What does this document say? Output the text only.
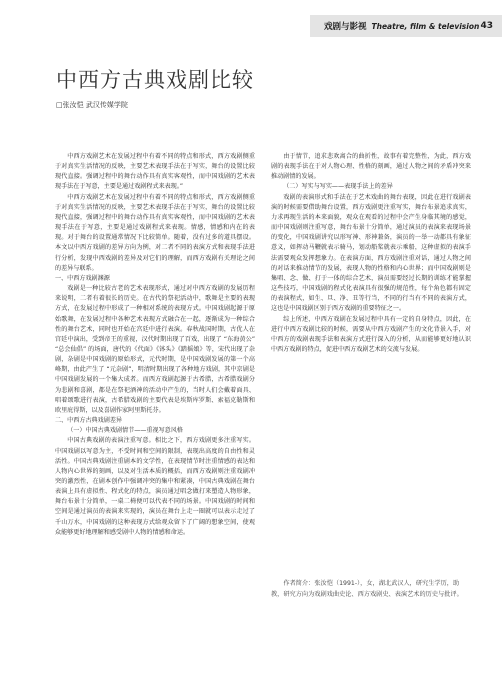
戏剧与影视 Theatre, film & television 43
中西方古典戏剧比较
□张汝恺 武汉传媒学院

中西方戏剧艺术在发展过程中有着不同的特点和形式，西方戏剧侧重于对真实生活情况的反映，主要艺术表现手法在于写实，舞台的设置比较现代直接。强调过程中的舞台动作具有真实客观性，而中国戏剧的艺术表现手法在于写意，主要是通过戏剧程式来表现。”

中西方戏剧艺术在发展过程中有着不同的特点和形式，西方戏剧侧重于对真实生活情况的反映，主要艺术表现手法在于写实，舞台的设置比较现代直接，强调过程中的舞台动作具有真实客观性，而中国戏剧的艺术表现手法在于写意，主要是通过戏剧程式来表现。情感，情感和内在的表现。对于舞台的设置通常情况下比较简单。随着，没有过多的道具摆设。本文以中西方戏剧的差异方向为例，对二者不同的表演方式和表现手法进行分析，发现中西戏剧的差异及对它们的理解，而西方戏剧有关理论之间的差异与联系。

一、中西方戏剧渊源

戏剧是一种比较古老的艺术表现形式，通过对中西方戏剧的发展历程来说明，二者有着很长的历史。在古代的祭祀活动中，歌舞是主要的表现方式，在发展过程中形成了一种相对系统的表现方式。中国戏剧起源于原始歌舞，在发展过程中各种艺术表现方式融合在一起，逐渐成为一种综合性的舞台艺术，同时也开始在宫廷中进行表演。春秋战国时期，古优人在宫廷中演出，受到帝王的重视，汉代时期出现了百戏，出现了 “东海黄公” “总会仙倡” 的场面，唐代的《代面》《钵头》《踏摇娘》等，宋代出现了杂剧，杂剧是中国戏剧的原始形式，元代时期，是中国戏剧发展的第一个高峰期，由此产生了 “元杂剧”，明清时期出现了各种地方戏剧，其中京剧是中国戏剧发展的一个集大成者。而西方戏剧起源于古希腊，古希腊戏剧分为悲剧和喜剧，都是在祭祀酒神的活动中产生的，当时人们会戴着面具、唱着颂歌进行表演，古希腊戏剧的主要代表是埃斯库罗斯、索福克勒斯和欧里庇得斯，以及喜剧作家阿里斯托芬。

二、中西方古典戏剧差异
（一）中国古典戏剧情节——重视写意风格

中国古典戏剧的表演注重写意。相比之下，西方戏剧更多注重写实。中国戏剧以写意为主，不受时间和空间的限制，表现出高度的自由性和灵活性。中国古典戏剧注重剧本的文学性，在表现情节时注重情感的表达和人物内心世界的刻画，以及对生活本质的概括，而西方戏剧则注重戏剧冲突的激烈性，在剧本创作中强调冲突的集中和紧凑，中国古典戏剧在舞台表演上具有虚拟性、程式化的特点，演员通过唱念做打来塑造人物形象，舞台布景十分简单，一桌二椅便可以代表不同的场景。中国戏剧的时间和空间是通过演员的表演来实现的，演员在舞台上走一圈就可以表示走过了千山万水，中国戏剧的这种表现方式给观众留下了广阔的想象空间，使观众能够更好地理解和感受剧中人物的情感和命运。

由于情节，追求悲欢离合的曲折性，故事有着完整性，为此，西方戏剧的表现手法在于对人物心理、性格的刻画，通过人物之间的矛盾冲突来推动剧情的发展。

（二）写实与写实——表现手法上的差异

戏剧的表演形式和手法在于艺术戏曲的舞台表现，因此在进行戏剧表演的时候需要借助舞台设置，西方戏剧更注重写实，舞台布景追求真实，力求再现生活的本来面貌，观众在观看的过程中会产生身临其境的感觉，而中国戏剧则注重写意，舞台布景十分简单，通过演员的表演来表现场景的变化，中国戏剧讲究以形写神、形神兼备，演员的一举一动都具有象征意义，如挥动马鞭就表示骑马，划动船桨就表示乘船，这种虚拟的表演手法需要观众发挥想象力。在表演方面，西方戏剧注重对话，通过人物之间的对话来推动情节的发展，表现人物的性格和内心世界；而中国戏剧则是集唱、念、做、打于一体的综合艺术，演员需要经过长期的训练才能掌握这些技巧，中国戏剧的程式化表演具有很强的规范性，每个角色都有固定的表演程式，如生、旦、净、丑等行当，不同的行当有不同的表演方式，这也是中国戏剧区别于西方戏剧的重要特征之一。

综上所述，中西方戏剧在发展过程中具有一定的自身特点，因此，在进行中西方戏剧比较的时候，需要从中西方戏剧产生的文化背景入手，对中西方的戏剧表现手法和表演方式进行深入的分析，从而能够更好地认识中西方戏剧的特点，促进中西方戏剧艺术的交流与发展。

作者简介：张汝恺（1991-），女，湖北武汉人，研究生学历，助教，研究方向为戏剧戏曲史论、西方戏剧史、表演艺术的历史与批评。
